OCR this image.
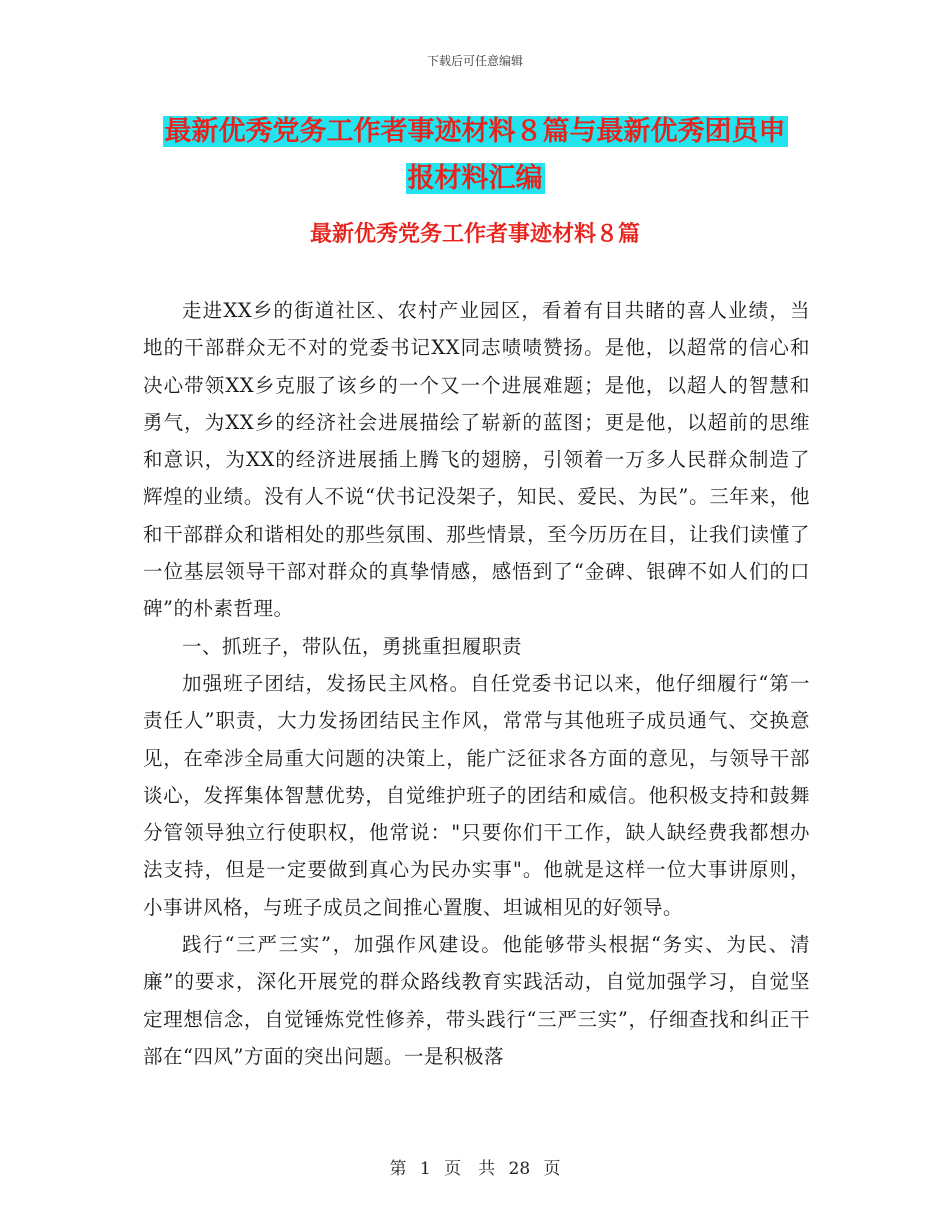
下载后可任意编辑
最新优秀党务工作者事迹材料８篇与最新优秀团员申
报材料汇编
最新优秀党务工作者事迹材料８篇

走进XX乡的街道社区、农村产业园区，看着有目共睹的喜人业绩，当地的干部群众无不对的党委书记XX同志啧啧赞扬。是他，以超常的信心和决心带领XX乡克服了该乡的一个又一个进展难题；是他，以超人的智慧和勇气，为XX乡的经济社会进展描绘了崭新的蓝图；更是他，以超前的思维和意识，为XX的经济进展插上腾飞的翅膀，引领着一万多人民群众制造了辉煌的业绩。没有人不说“伏书记没架子，知民、爱民、为民”。三年来，他和干部群众和谐相处的那些氛围、那些情景，至今历历在目，让我们读懂了一位基层领导干部对群众的真挚情感，感悟到了“金碑、银碑不如人们的口碑”的朴素哲理。

一、抓班子，带队伍，勇挑重担履职责

加强班子团结，发扬民主风格。自任党委书记以来，他仔细履行“第一责任人”职责，大力发扬团结民主作风，常常与其他班子成员通气、交换意见，在牵涉全局重大问题的决策上，能广泛征求各方面的意见，与领导干部谈心，发挥集体智慧优势，自觉维护班子的团结和威信。他积极支持和鼓舞分管领导独立行使职权，他常说："只要你们干工作，缺人缺经费我都想办法支持，但是一定要做到真心为民办实事"。他就是这样一位大事讲原则，小事讲风格，与班子成员之间推心置腹、坦诚相见的好领导。

践行“三严三实”，加强作风建设。他能够带头根据“务实、为民、清廉”的要求，深化开展党的群众路线教育实践活动，自觉加强学习，自觉坚定理想信念，自觉锤炼党性修养，带头践行“三严三实”，仔细查找和纠正干部在“四风”方面的突出问题。一是积极落

第 1 页　共 28 页
